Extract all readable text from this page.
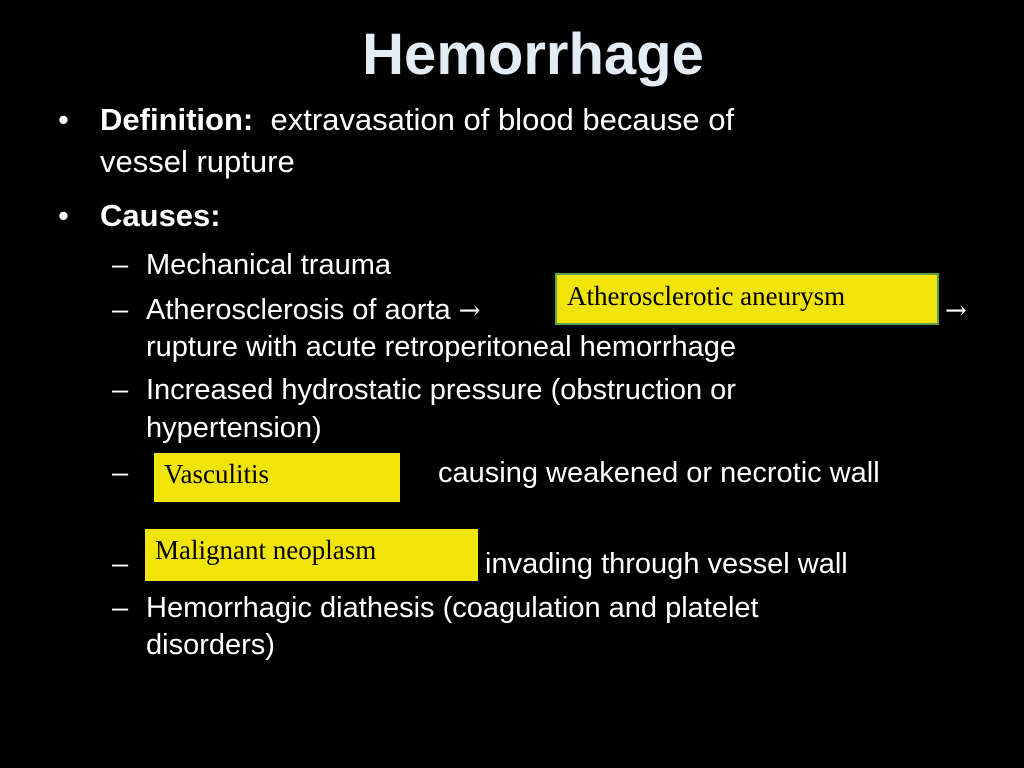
Hemorrhage
• Definition: extravasation of blood because of
vessel rupture
• Causes:
– Mechanical trauma
– Atherosclerosis of aorta →	Atherosclerotic aneurysm	→
rupture with acute retroperitoneal hemorrhage
– Increased hydrostatic pressure (obstruction or
hypertension)
–	Vasculitis	causing weakened or necrotic wall
– Malignant neoplasm	invading through vessel wall
– Hemorrhagic diathesis (coagulation and platelet
disorders)
